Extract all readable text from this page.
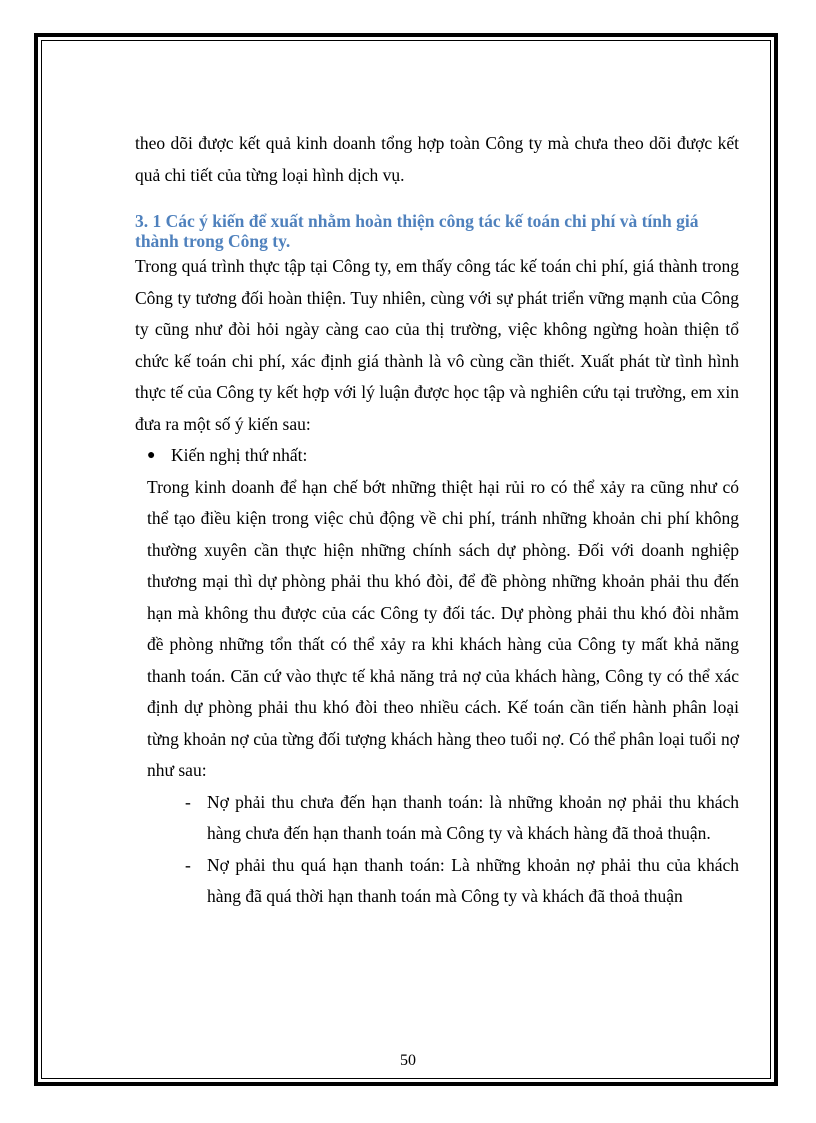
theo dõi được kết quả kinh doanh tổng hợp toàn Công ty mà chưa theo dõi được kết quả chi tiết của từng loại hình dịch vụ.

3. 1 Các ý kiến để xuất nhằm hoàn thiện công tác kế toán chi phí và tính giá thành trong Công ty.

Trong quá trình thực tập tại Công ty, em thấy công tác kế toán chi phí, giá thành trong Công ty tương đối hoàn thiện. Tuy nhiên, cùng với sự phát triển vững mạnh của Công ty cũng như đòi hỏi ngày càng cao của thị trường, việc không ngừng hoàn thiện tổ chức kế toán chi phí, xác định giá thành là vô cùng cần thiết. Xuất phát từ tình hình thực tế của Công ty kết hợp với lý luận được học tập và nghiên cứu tại trường, em xin đưa ra một số ý kiến sau:

● Kiến nghị thứ nhất:

Trong kinh doanh để hạn chế bớt những thiệt hại rủi ro có thể xảy ra cũng như có thể tạo điều kiện trong việc chủ động về chi phí, tránh những khoản chi phí không thường xuyên cần thực hiện những chính sách dự phòng. Đối với doanh nghiệp thương mại thì dự phòng phải thu khó đòi, để đề phòng những khoản phải thu đến hạn mà không thu được của các Công ty đối tác. Dự phòng phải thu khó đòi nhằm đề phòng những tổn thất có thể xảy ra khi khách hàng của Công ty mất khả năng thanh toán. Căn cứ vào thực tế khả năng trả nợ của khách hàng, Công ty có thể xác định dự phòng phải thu khó đòi theo nhiều cách. Kế toán cần tiến hành phân loại từng khoản nợ của từng đối tượng khách hàng theo tuổi nợ. Có thể phân loại tuổi nợ như sau:

- Nợ phải thu chưa đến hạn thanh toán: là những khoản nợ phải thu khách hàng chưa đến hạn thanh toán mà Công ty và khách hàng đã thoả thuận.

- Nợ phải thu quá hạn thanh toán: Là những khoản nợ phải thu của khách hàng đã quá thời hạn thanh toán mà Công ty và khách đã thoả thuận

50
